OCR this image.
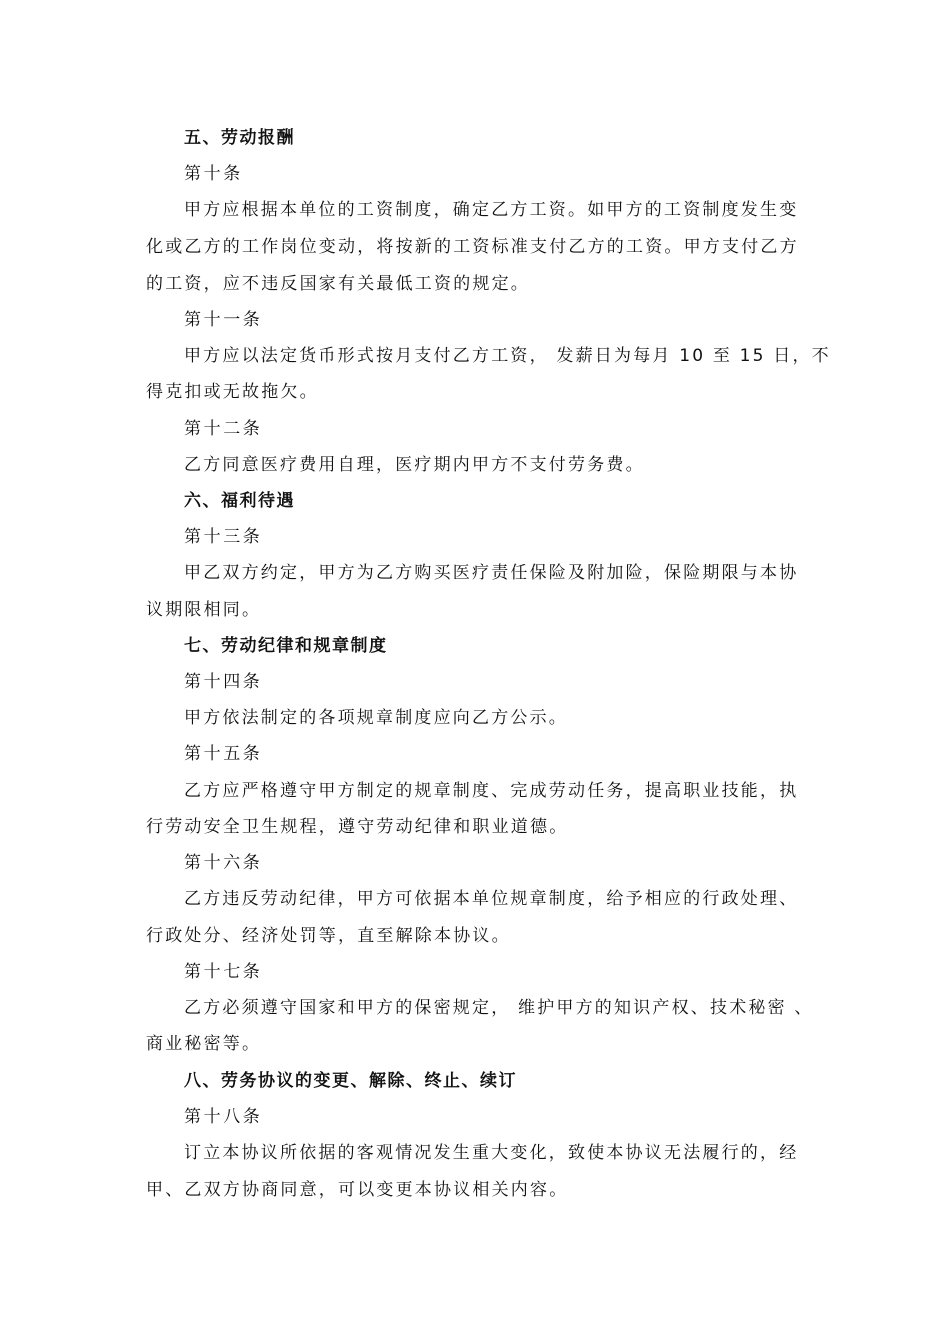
五、劳动报酬
第十条
甲方应根据本单位的工资制度，确定乙方工资。如甲方的工资制度发生变
化或乙方的工作岗位变动，将按新的工资标准支付乙方的工资。甲方支付乙方
的工资，应不违反国家有关最低工资的规定。
第十一条
甲方应以法定货币形式按月支付乙方工资， 发薪日为每月 10 至 15 日，不
得克扣或无故拖欠。
第十二条
乙方同意医疗费用自理，医疗期内甲方不支付劳务费。
六、福利待遇
第十三条
甲乙双方约定，甲方为乙方购买医疗责任保险及附加险，保险期限与本协
议期限相同。
七、劳动纪律和规章制度
第十四条
甲方依法制定的各项规章制度应向乙方公示。
第十五条
乙方应严格遵守甲方制定的规章制度、完成劳动任务，提高职业技能，执
行劳动安全卫生规程，遵守劳动纪律和职业道德。
第十六条
乙方违反劳动纪律，甲方可依据本单位规章制度，给予相应的行政处理、
行政处分、经济处罚等，直至解除本协议。
第十七条
乙方必须遵守国家和甲方的保密规定， 维护甲方的知识产权、技术秘密 、
商业秘密等。
八、劳务协议的变更、解除、终止、续订
第十八条
订立本协议所依据的客观情况发生重大变化，致使本协议无法履行的，经
甲、乙双方协商同意，可以变更本协议相关内容。
